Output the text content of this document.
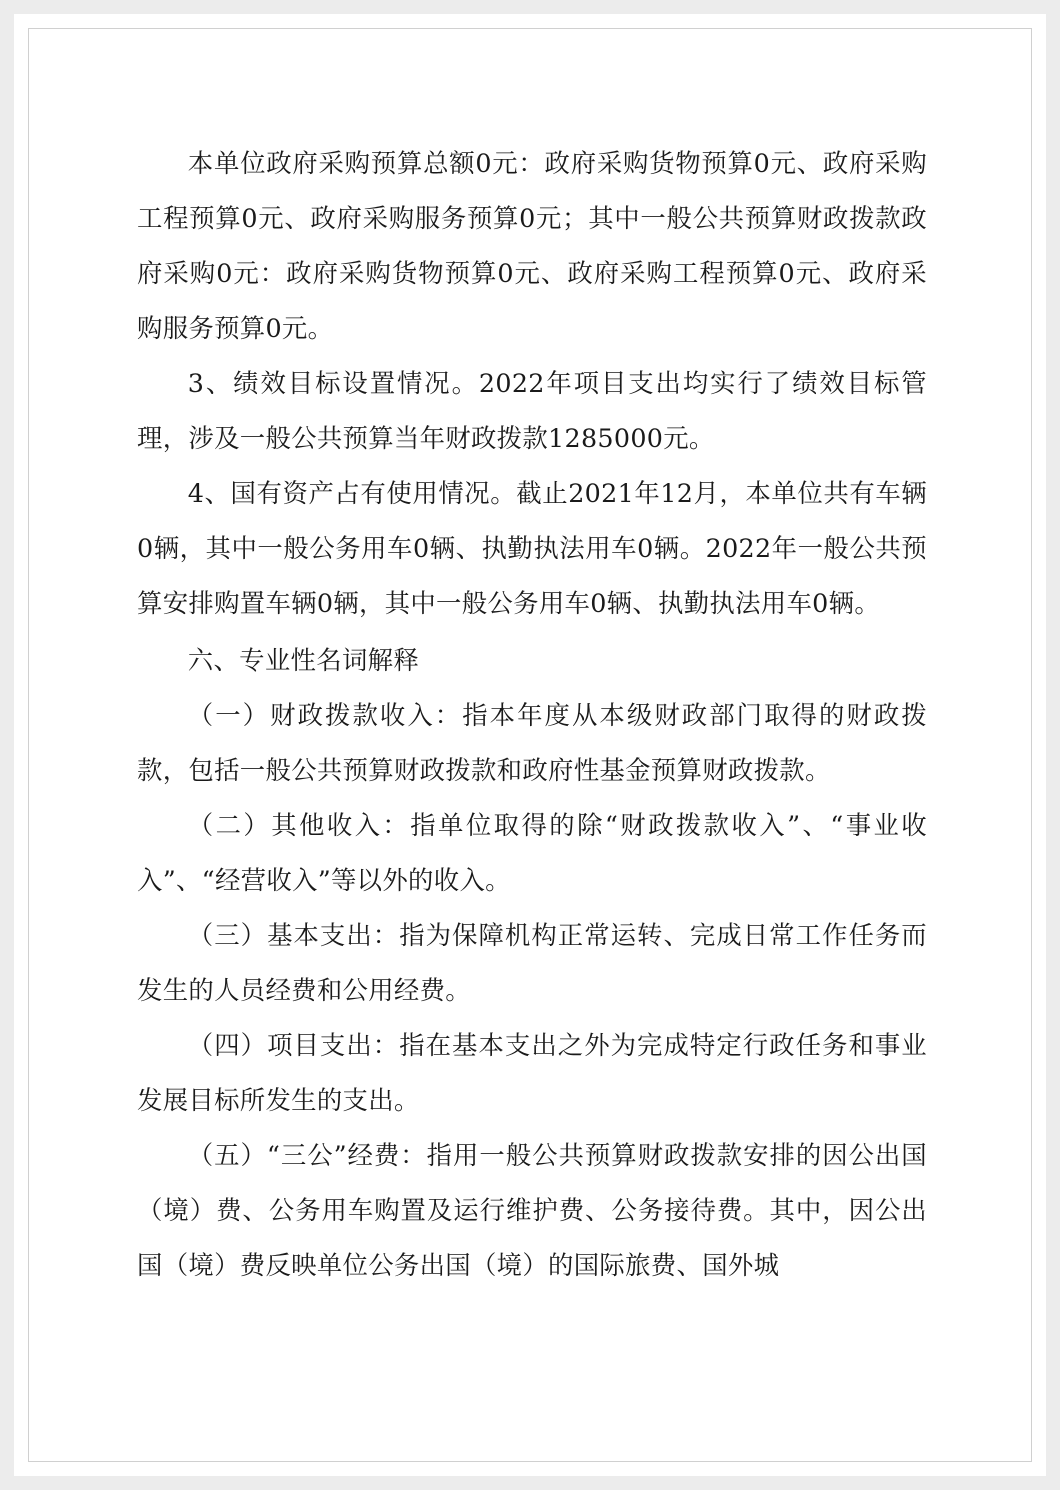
本单位政府采购预算总额0元：政府采购货物预算0元、政府采购工程预算0元、政府采购服务预算0元；其中一般公共预算财政拨款政府采购0元：政府采购货物预算0元、政府采购工程预算0元、政府采购服务预算0元。

3、绩效目标设置情况。2022年项目支出均实行了绩效目标管理，涉及一般公共预算当年财政拨款1285000元。

4、国有资产占有使用情况。截止2021年12月，本单位共有车辆0辆，其中一般公务用车0辆、执勤执法用车0辆。2022年一般公共预算安排购置车辆0辆，其中一般公务用车0辆、执勤执法用车0辆。

六、专业性名词解释

（一）财政拨款收入：指本年度从本级财政部门取得的财政拨款，包括一般公共预算财政拨款和政府性基金预算财政拨款。

（二）其他收入：指单位取得的除“财政拨款收入”、“事业收入”、“经营收入”等以外的收入。

（三）基本支出：指为保障机构正常运转、完成日常工作任务而发生的人员经费和公用经费。

（四）项目支出：指在基本支出之外为完成特定行政任务和事业发展目标所发生的支出。

（五）“三公”经费：指用一般公共预算财政拨款安排的因公出国（境）费、公务用车购置及运行维护费、公务接待费。其中，因公出国（境）费反映单位公务出国（境）的国际旅费、国外城
